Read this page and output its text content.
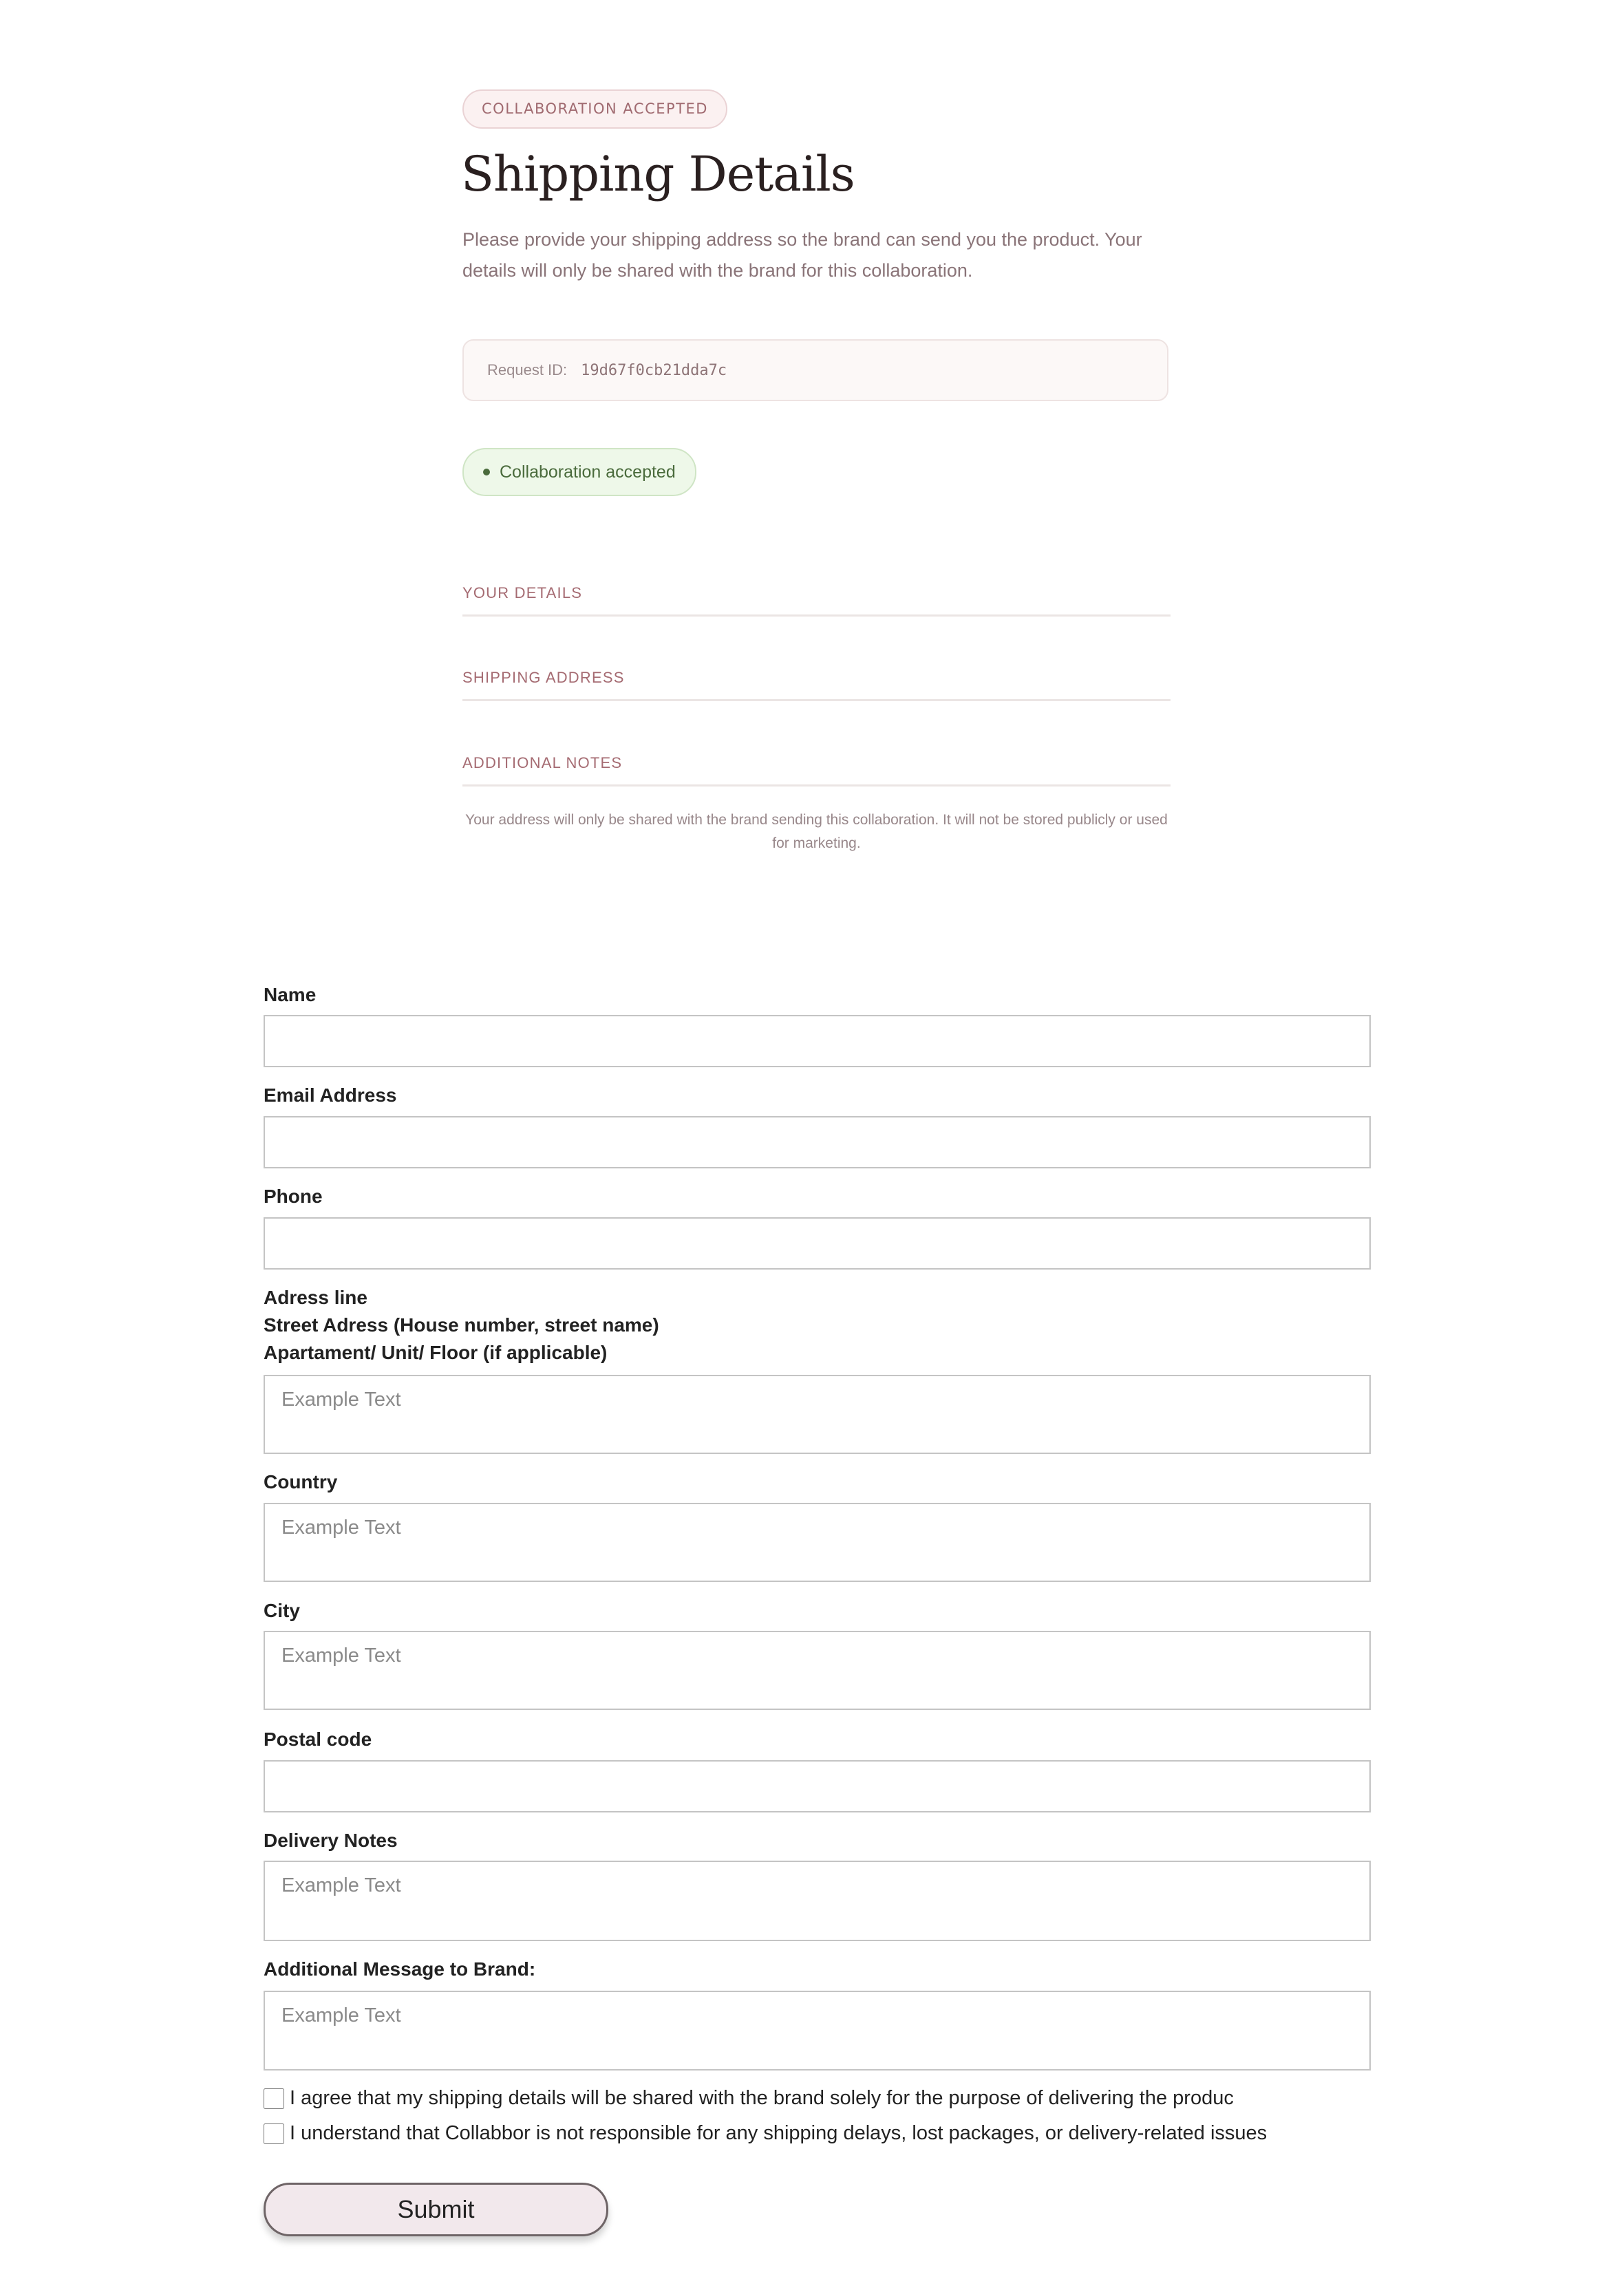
COLLABORATION ACCEPTED
Shipping Details
Please provide your shipping address so the brand can send you the product. Your details will only be shared with the brand for this collaboration.
Request ID: 19d67f0cb21dda7c
Collaboration accepted
YOUR DETAILS
SHIPPING ADDRESS
ADDITIONAL NOTES
Your address will only be shared with the brand sending this collaboration. It will not be stored publicly or used for marketing.
Name
Email Address
Phone
Adress line
Street Adress (House number, street name)
Apartament/ Unit/ Floor (if applicable)
Example Text
Country
Example Text
City
Example Text
Postal code
Delivery Notes
Example Text
Additional Message to Brand:
Example Text
I agree that my shipping details will be shared with the brand solely for the purpose of delivering the produc
I understand that Collabbor is not responsible for any shipping delays, lost packages, or delivery-related issues
Submit
